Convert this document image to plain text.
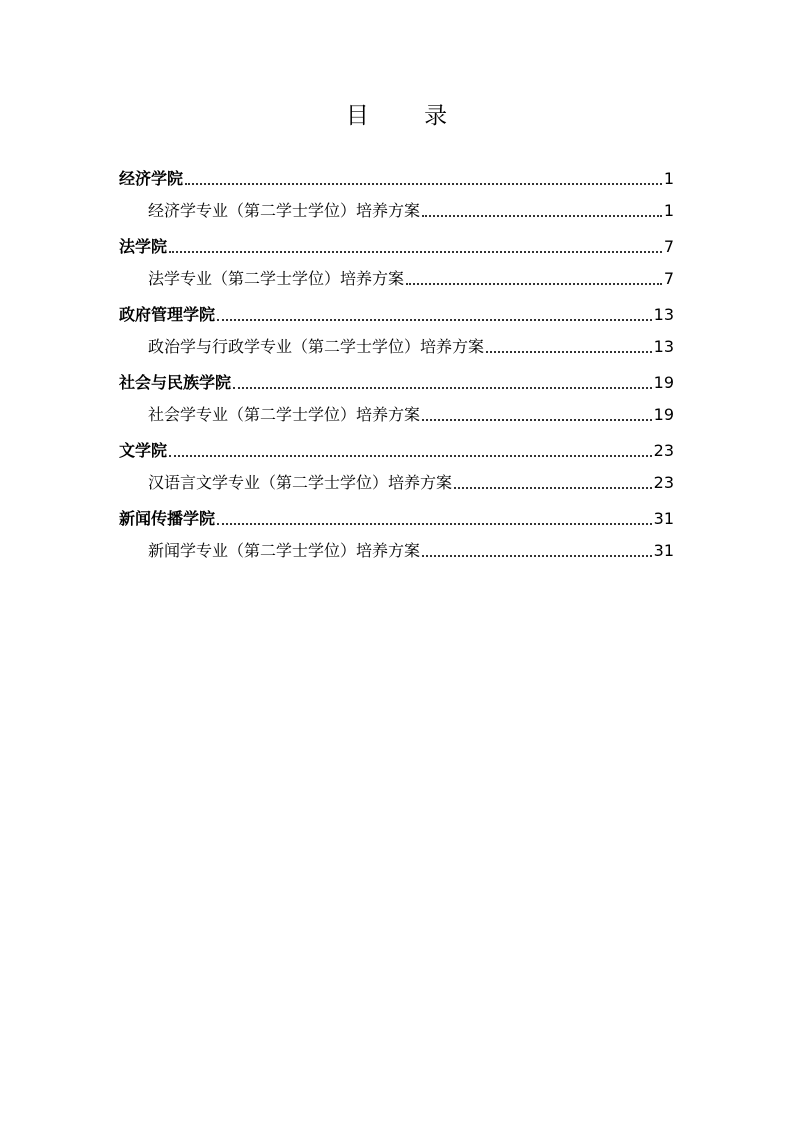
目 录
经济学院	1
经济学专业（第二学士学位）培养方案	1
法学院	7
法学专业（第二学士学位）培养方案	7
政府管理学院	13
政治学与行政学专业（第二学士学位）培养方案	13
社会与民族学院	19
社会学专业（第二学士学位）培养方案	19
文学院	23
汉语言文学专业（第二学士学位）培养方案	23
新闻传播学院	31
新闻学专业（第二学士学位）培养方案	31
